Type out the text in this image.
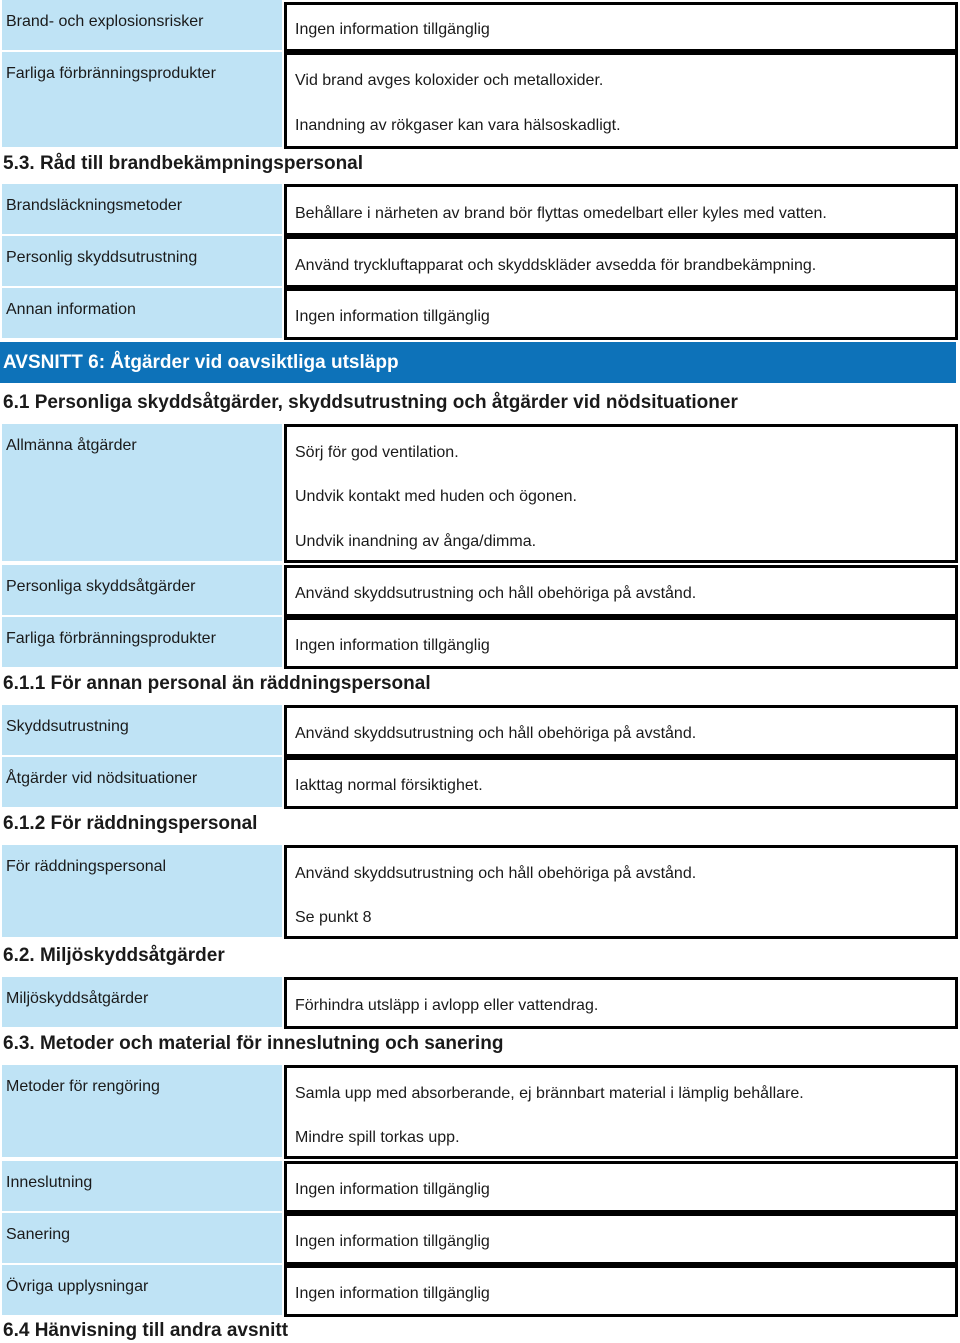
Brand- och explosionsrisker	Ingen information tillgänglig
Farliga förbränningsprodukter	Vid brand avges koloxider och metalloxider.
Inandning av rökgaser kan vara hälsoskadligt.
5.3. Råd till brandbekämpningspersonal
Brandsläckningsmetoder	Behållare i närheten av brand bör flyttas omedelbart eller kyles med vatten.
Personlig skyddsutrustning	Använd tryckluftapparat och skyddskläder avsedda för brandbekämpning.
Annan information	Ingen information tillgänglig
AVSNITT 6: Åtgärder vid oavsiktliga utsläpp
6.1 Personliga skyddsåtgärder, skyddsutrustning och åtgärder vid nödsituationer
Allmänna åtgärder	Sörj för god ventilation.
Undvik kontakt med huden och ögonen.
Undvik inandning av ånga/dimma.
Personliga skyddsåtgärder	Använd skyddsutrustning och håll obehöriga på avstånd.
Farliga förbränningsprodukter	Ingen information tillgänglig
6.1.1 För annan personal än räddningspersonal
Skyddsutrustning	Använd skyddsutrustning och håll obehöriga på avstånd.
Åtgärder vid nödsituationer	Iakttag normal försiktighet.
6.1.2 För räddningspersonal
För räddningspersonal	Använd skyddsutrustning och håll obehöriga på avstånd.
Se punkt 8
6.2. Miljöskyddsåtgärder
Miljöskyddsåtgärder	Förhindra utsläpp i avlopp eller vattendrag.
6.3. Metoder och material för inneslutning och sanering
Metoder för rengöring	Samla upp med absorberande, ej brännbart material i lämplig behållare.
Mindre spill torkas upp.
Inneslutning	Ingen information tillgänglig
Sanering	Ingen information tillgänglig
Övriga upplysningar	Ingen information tillgänglig
6.4 Hänvisning till andra avsnitt
